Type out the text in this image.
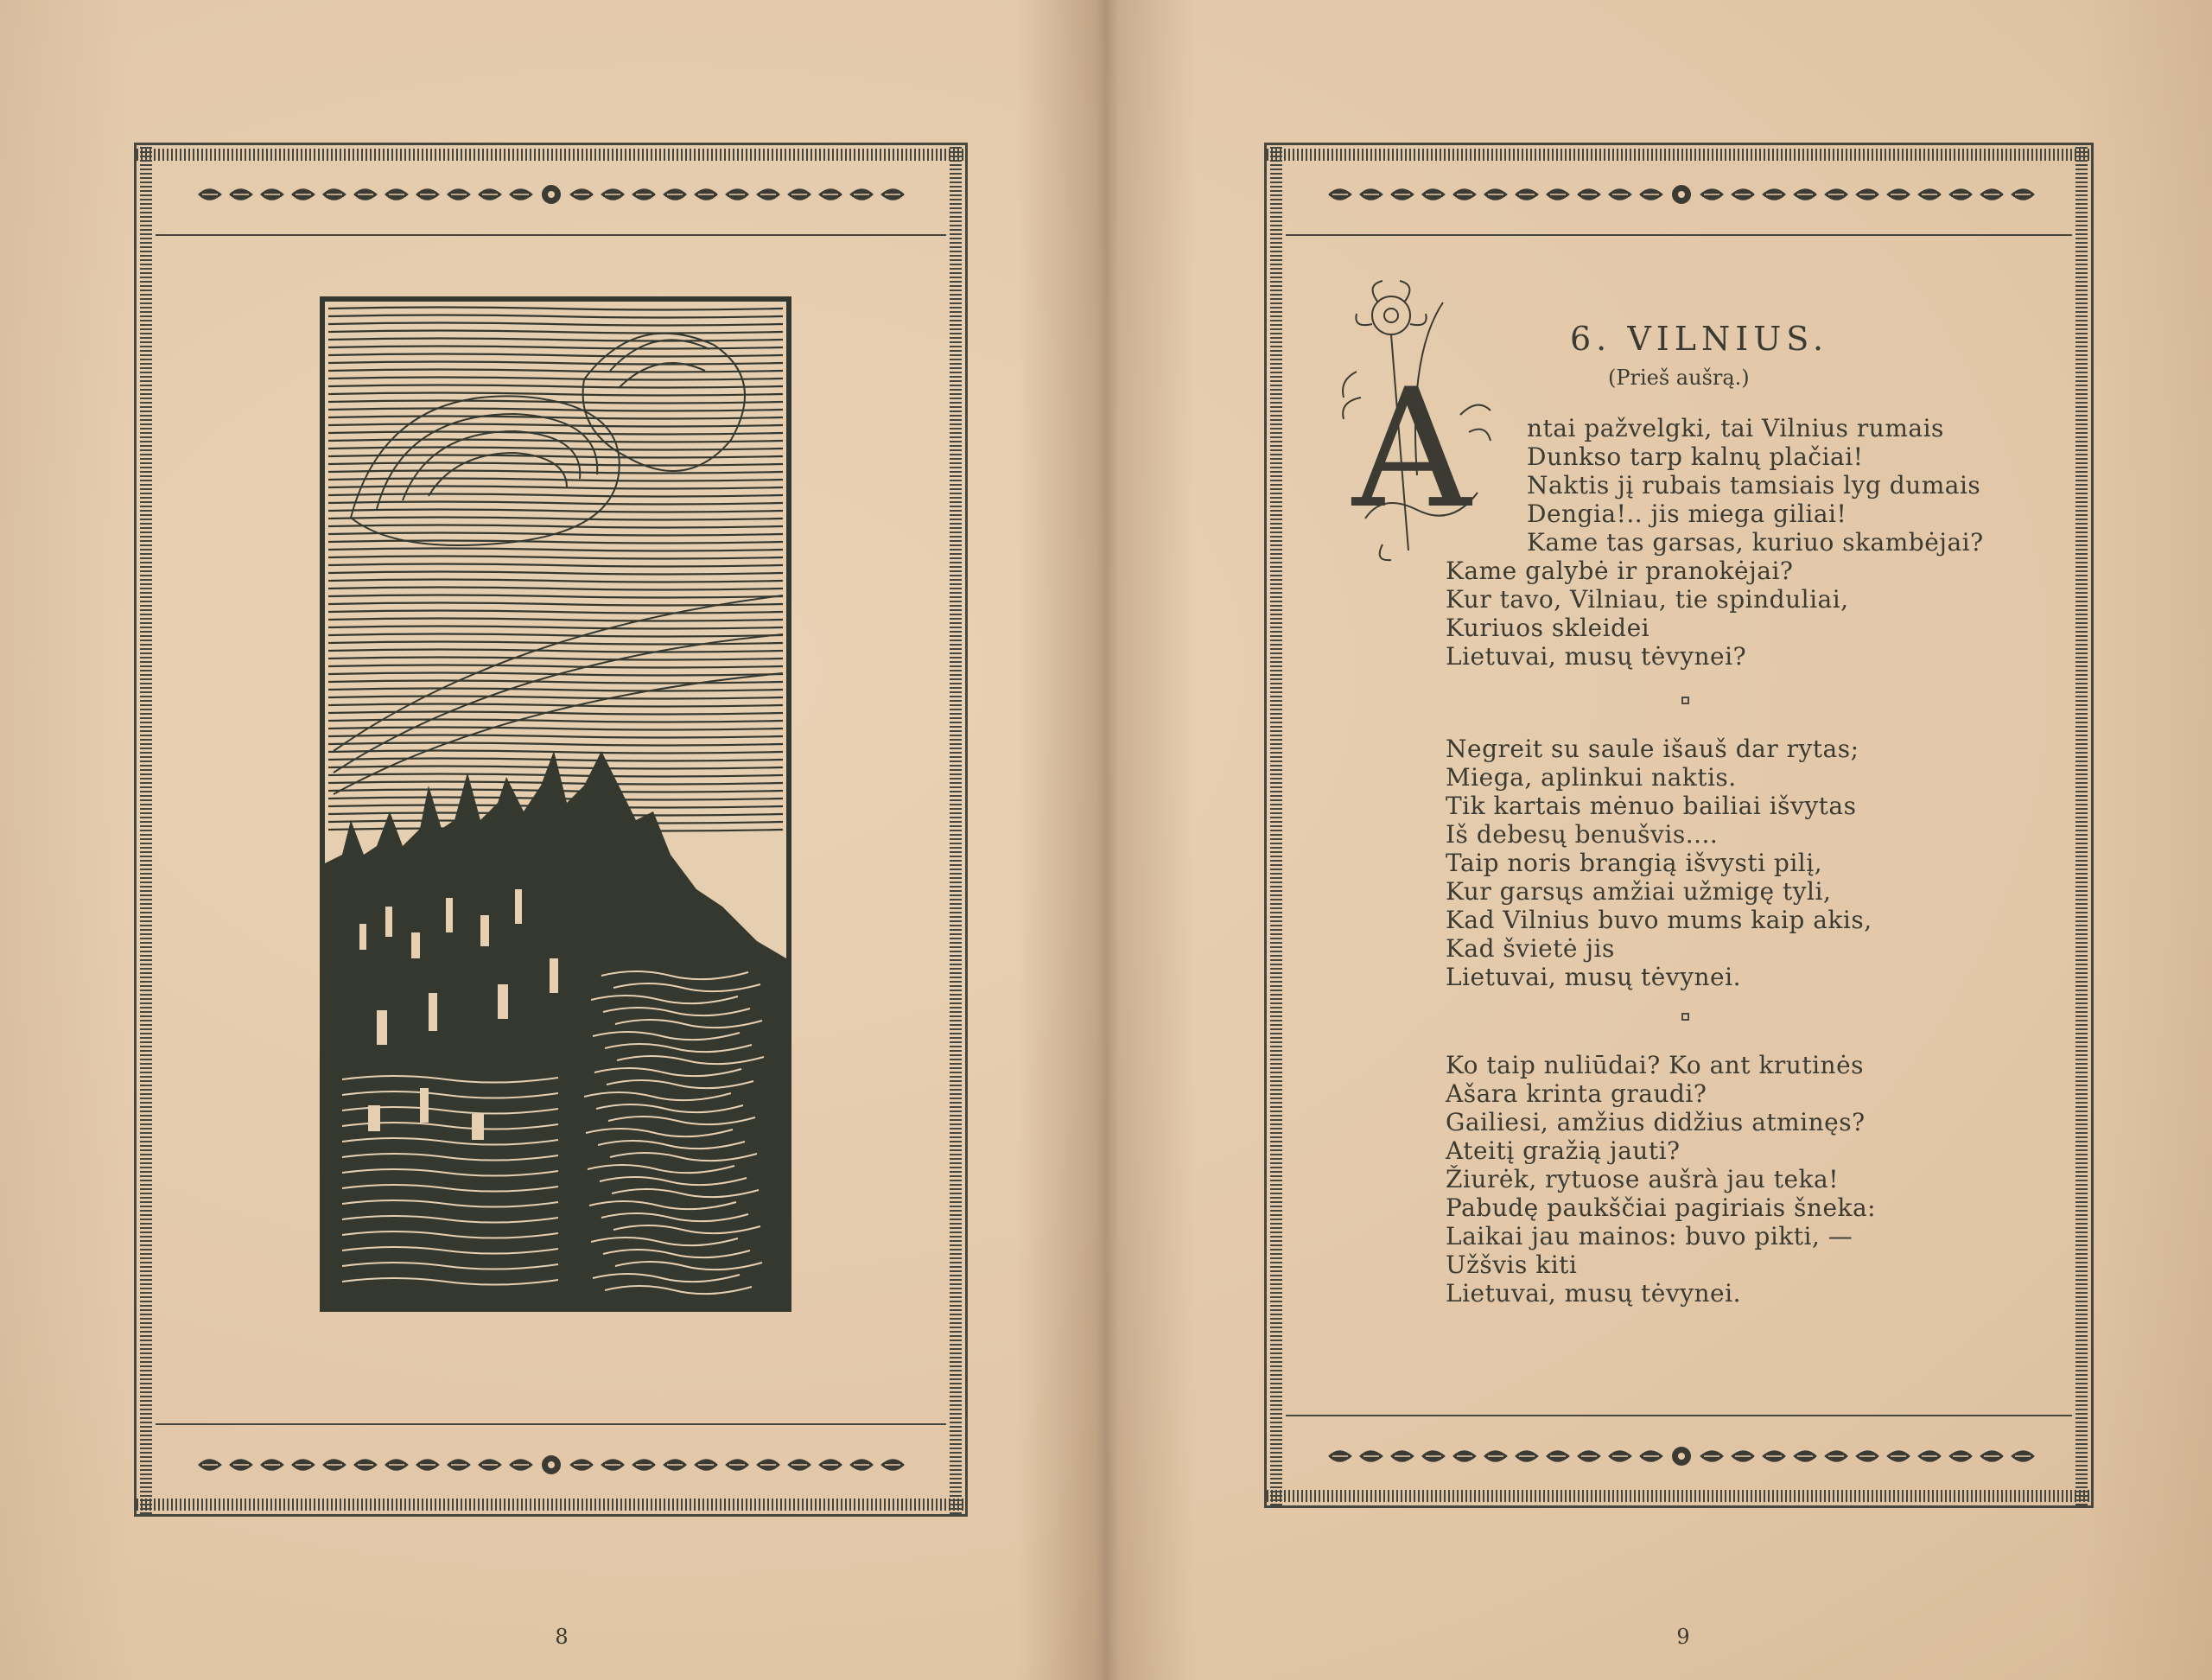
8	9
A
6. VILNIUS.
(Prieš aušrą.)
ntai pažvelgki, tai Vilnius rumais
Dunkso tarp kalnų plačiai!
Naktis jį rubais tamsiais lyg dumais
Dengia!.. jis miega giliai!
Kame tas garsas, kuriuo skambėjai?
Kame galybė ir pranokėjai?
Kur tavo, Vilniau, tie spinduliai,
Kuriuos skleidei
Lietuvai, musų tėvynei?
Negreit su saule išauš dar rytas;
Miega, aplinkui naktis.
Tik kartais mėnuo bailiai išvytas
Iš debesų benušvis....
Taip noris brangią išvysti pilį,
Kur garsųs amžiai užmigę tyli,
Kad Vilnius buvo mums kaip akis,
Kad švietė jis
Lietuvai, musų tėvynei.
Ko taip nuliūdai? Ko ant krutinės
Ašara krinta graudi?
Gailiesi, amžius didžius atminęs?
Ateitį gražią jauti?
Žiurėk, rytuose aušrà jau teka!
Pabudę paukščiai pagiriais šneka:
Laikai jau mainos: buvo pikti, —
Užšvis kiti
Lietuvai, musų tėvynei.
